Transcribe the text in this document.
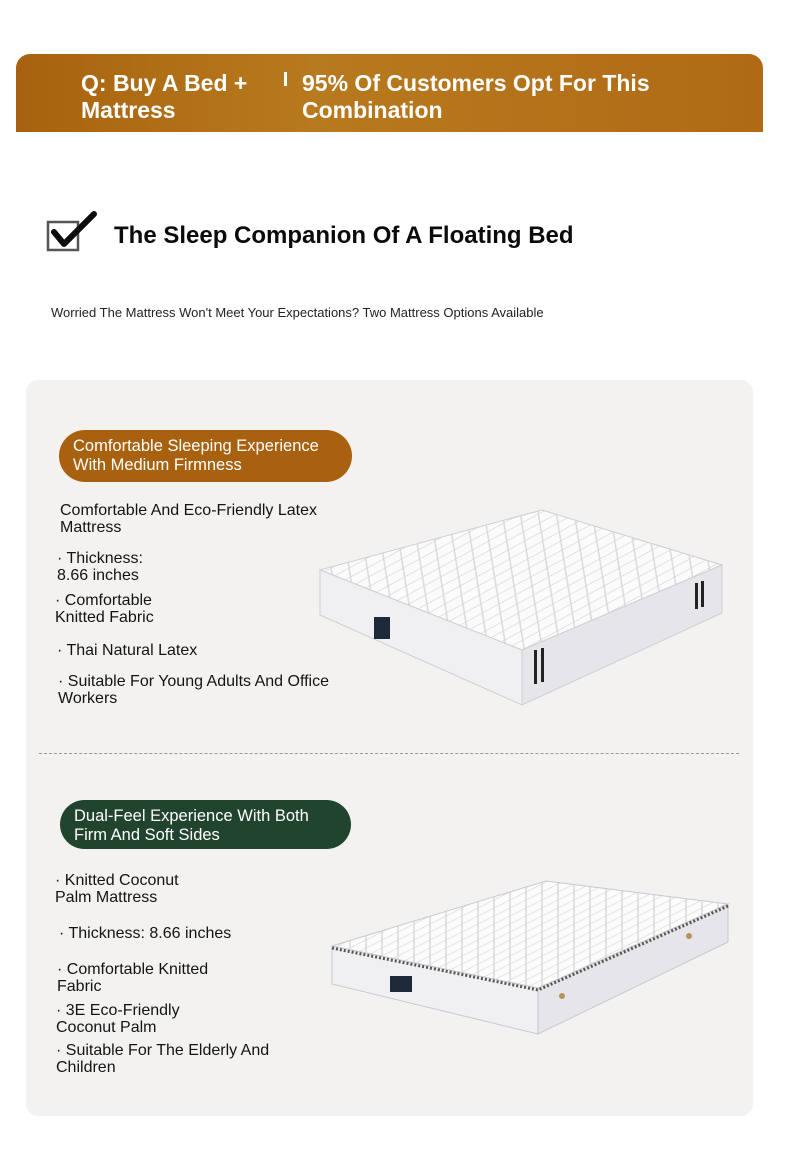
Q: Buy A Bed + Mattress
95% Of Customers Opt For This Combination
The Sleep Companion Of A Floating Bed
Worried The Mattress Won't Meet Your Expectations? Two Mattress Options Available
Comfortable Sleeping Experience With Medium Firmness
Comfortable And Eco-Friendly Latex Mattress
· Thickness: 8.66 inches
· Comfortable Knitted Fabric
· Thai Natural Latex
· Suitable For Young Adults And Office Workers
Dual-Feel Experience With Both Firm And Soft Sides
· Knitted Coconut Palm Mattress
· Thickness: 8.66 inches
· Comfortable Knitted Fabric
· 3E Eco-Friendly Coconut Palm
· Suitable For The Elderly And Children
